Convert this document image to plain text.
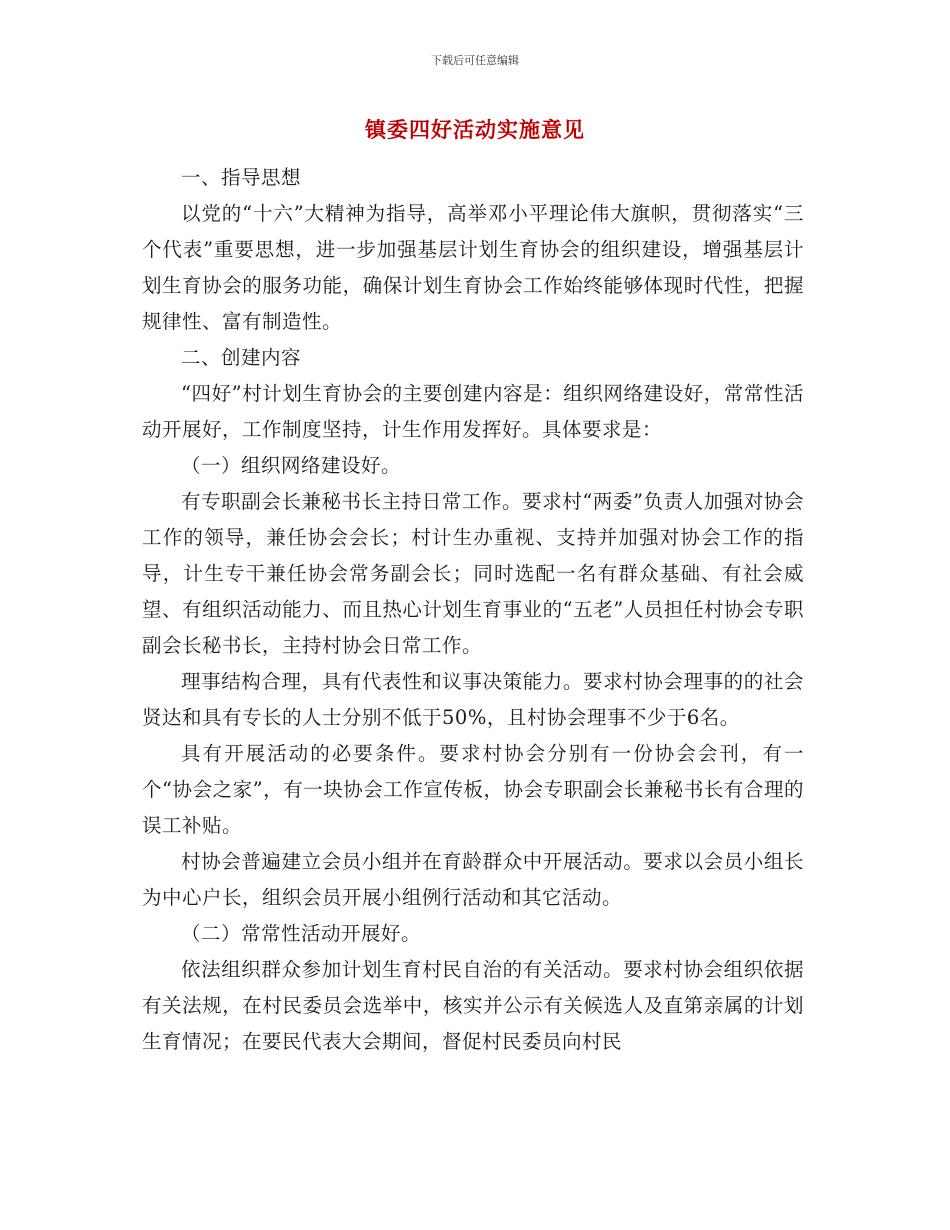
下载后可任意编辑
镇委四好活动实施意见

一、指导思想

以党的“十六”大精神为指导，高举邓小平理论伟大旗帜，贯彻落实“三个代表”重要思想，进一步加强基层计划生育协会的组织建设，增强基层计划生育协会的服务功能，确保计划生育协会工作始终能够体现时代性，把握规律性、富有制造性。

二、创建内容

“四好”村计划生育协会的主要创建内容是：组织网络建设好，常常性活动开展好，工作制度坚持，计生作用发挥好。具体要求是：

（一）组织网络建设好。

有专职副会长兼秘书长主持日常工作。要求村“两委”负责人加强对协会工作的领导，兼任协会会长；村计生办重视、支持并加强对协会工作的指导，计生专干兼任协会常务副会长；同时选配一名有群众基础、有社会威望、有组织活动能力、而且热心计划生育事业的“五老”人员担任村协会专职副会长秘书长，主持村协会日常工作。

理事结构合理，具有代表性和议事决策能力。要求村协会理事的的社会贤达和具有专长的人士分别不低于50%，且村协会理事不少于6名。

具有开展活动的必要条件。要求村协会分别有一份协会会刊，有一个“协会之家”，有一块协会工作宣传板，协会专职副会长兼秘书长有合理的误工补贴。

村协会普遍建立会员小组并在育龄群众中开展活动。要求以会员小组长为中心户长，组织会员开展小组例行活动和其它活动。

（二）常常性活动开展好。

依法组织群众参加计划生育村民自治的有关活动。要求村协会组织依据有关法规，在村民委员会选举中，核实并公示有关候选人及直第亲属的计划生育情况；在要民代表大会期间，督促村民委员向村民
